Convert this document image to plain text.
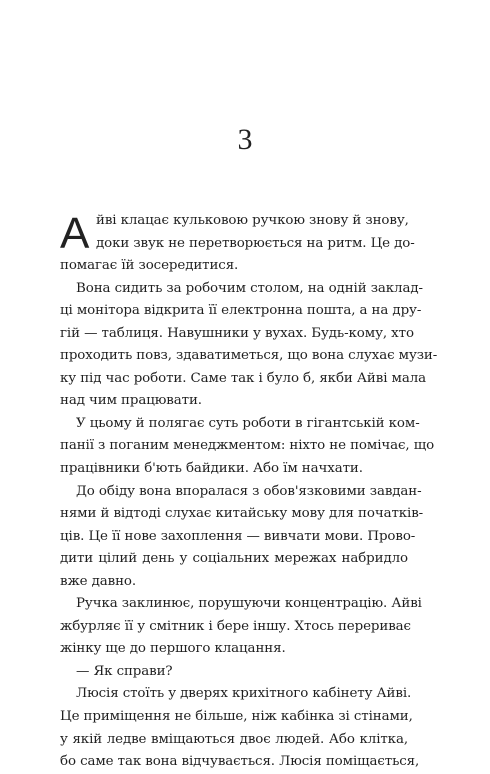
3
А йві клацає кульковою ручкою знову й знову,
доки звук не перетворюється на ритм. Це до-
помагає їй зосередитися.
Вона сидить за робочим столом, на одній заклад-
ці монітора відкрита її електронна пошта, а на дру-
гій — таблиця. Навушники у вухах. Будь-кому, хто
проходить повз, здаватиметься, що вона слухає музи-
ку під час роботи. Саме так і було б, якби Айві мала
над чим працювати.
У цьому й полягає суть роботи в гігантській ком-
панії з поганим менеджментом: ніхто не помічає, що
працівники б'ють байдики. Або їм начхати.
До обіду вона впоралася з обов'язковими завдан-
нями й відтоді слухає китайську мову для початків-
ців. Це її нове захоплення — вивчати мови. Прово-
дити цілий день у соціальних мережах набридло
вже давно.
Ручка заклинює, порушуючи концентрацію. Айві
жбурляє її у смітник і бере іншу. Хтось перериває
жінку ще до першого клацання.
— Як справи?
Люсія стоїть у дверях крихітного кабінету Айві.
Це приміщення не більше, ніж кабінка зі стінами,
у якій ледве вміщаються двоє людей. Або клітка,
бо саме так вона відчувається. Люсія поміщається,
